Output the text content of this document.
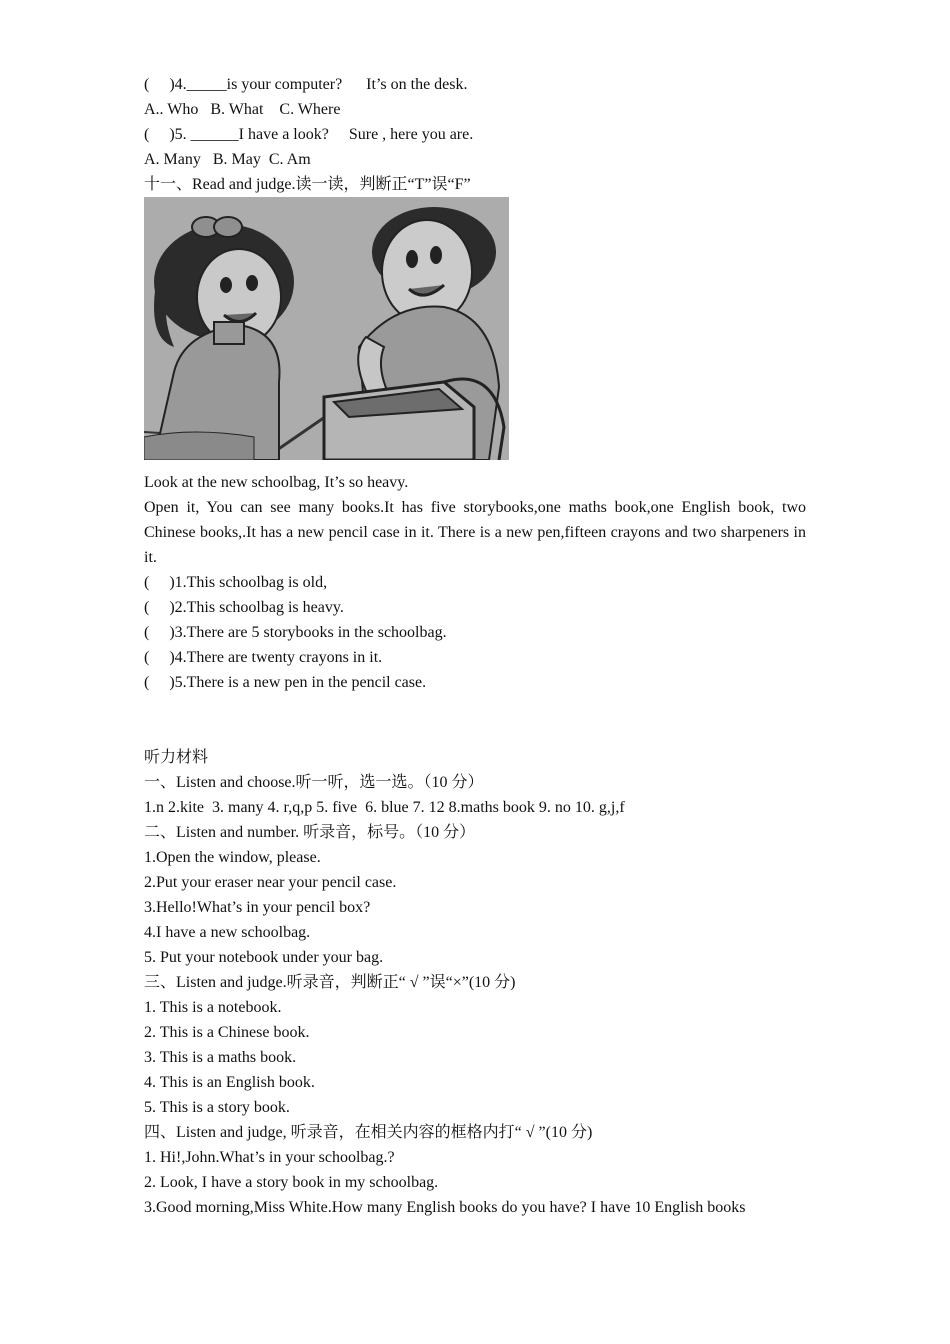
(     )4._____is your computer?      It’s on the desk.
A.. Who   B. What    C. Where
(     )5. ______I have a look?     Sure , here you are.
A. Many   B. May  C. Am
十一、Read and judge.读一读，判断正“T”误“F”
Look at the new schoolbag, It’s so heavy.
Open it, You can see many books.It has five storybooks,one maths book,one English book, two Chinese books,.It has a new pencil case in it. There is a new pen,fifteen crayons and two sharpeners in it.
(     )1.This schoolbag is old,
(     )2.This schoolbag is heavy.
(     )3.There are 5 storybooks in the schoolbag.
(     )4.There are twenty crayons in it.
(     )5.There is a new pen in the pencil case.
听力材料
一、Listen and choose.听一听，选一选。（10 分）
1.n 2.kite  3. many 4. r,q,p 5. five  6. blue 7. 12 8.maths book 9. no 10. g,j,f
二、Listen and number. 听录音，标号。（10 分）
1.Open the window, please.
2.Put your eraser near your pencil case.
3.Hello!What’s in your pencil box?
4.I have a new schoolbag.
5. Put your notebook under your bag.
三、Listen and judge.听录音，判断正“ √ ”误“×”(10 分)
1. This is a notebook.
2. This is a Chinese book.
3. This is a maths book.
4. This is an English book.
5. This is a story book.
四、Listen and judge, 听录音，在相关内容的框格内打“ √ ”(10 分)
1. Hi!,John.What’s in your schoolbag.?
2. Look, I have a story book in my schoolbag.
3.Good morning,Miss White.How many English books do you have? I have 10 English books
